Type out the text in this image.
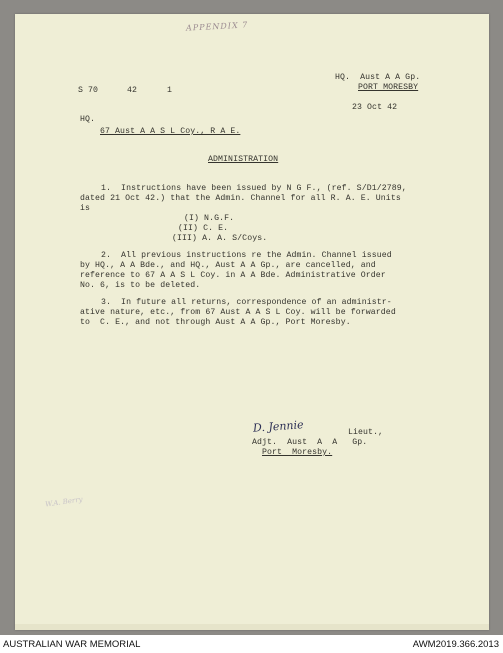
APPENDIX 7
S 70	42	1
HQ.  Aust A A Gp.
PORT MORESBY
23 Oct 42
HQ.
67 Aust A A S L Coy., R A E.
ADMINISTRATION
1.  Instructions have been issued by N G F., (ref. S/D1/2789,
dated 21 Oct 42.) that the Admin. Channel for all R. A. E. Units
is
(I) N.G.F.
(II) C. E.
(III) A. A. S/Coys.
2.  All previous instructions re the Admin. Channel issued
by HQ., A A Bde., and HQ., Aust A A Gp., are cancelled, and
reference to 67 A A S L Coy. in A A Bde. Administrative Order
No. 6, is to be deleted.
3.  In future all returns, correspondence of an administr-
ative nature, etc., from 67 Aust A A S L Coy. will be forwarded
to  C. E., and not through Aust A A Gp., Port Moresby.
D. Jennie	Lieut.,
Adjt.  Aust  A  A   Gp.
Port  Moresby.
W.A. Berry
AUSTRALIAN WAR MEMORIAL	AWM2019.366.2013
